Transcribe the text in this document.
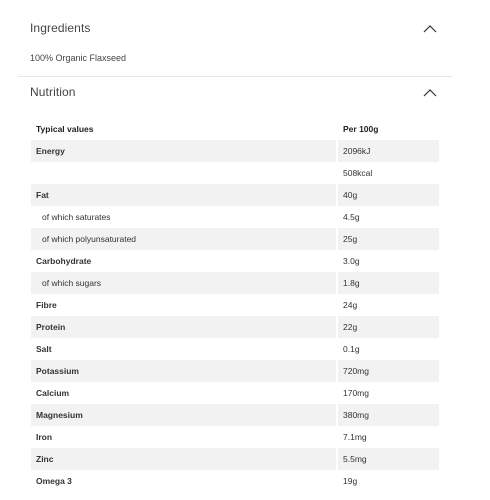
Ingredients
100% Organic Flaxseed
Nutrition
Typical values	Per 100g
Energy	2096kJ
	508kcal
Fat	40g
of which saturates	4.5g
of which polyunsaturated	25g
Carbohydrate	3.0g
of which sugars	1.8g
Fibre	24g
Protein	22g
Salt	0.1g
Potassium	720mg
Calcium	170mg
Magnesium	380mg
Iron	7.1mg
Zinc	5.5mg
Omega 3	19g
